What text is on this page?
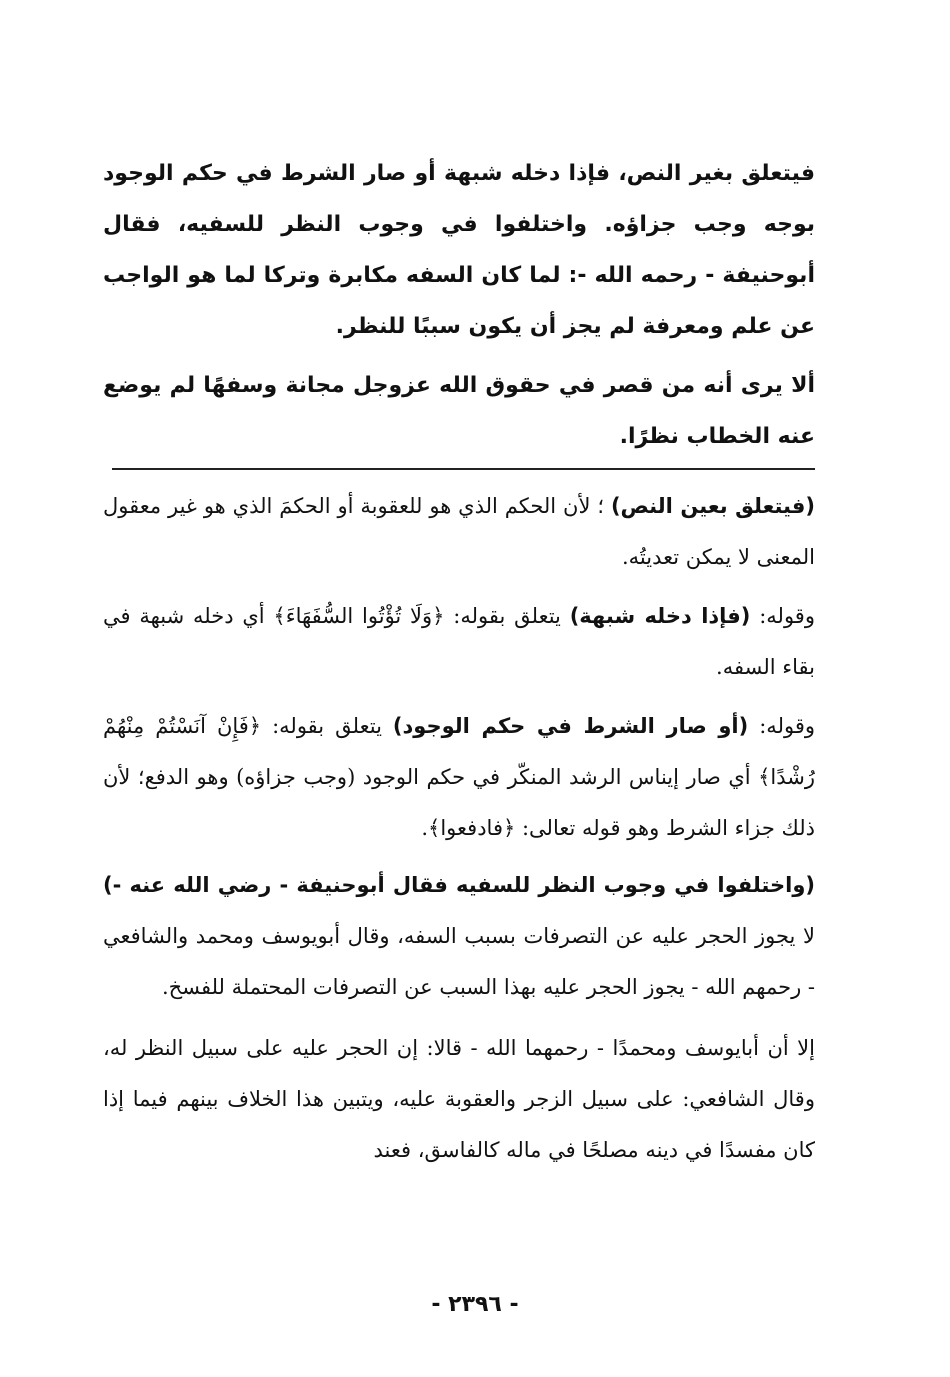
فيتعلق بغير النص، فإذا دخله شبهة أو صار الشرط في حكم الوجود بوجه وجب جزاؤه. واختلفوا في وجوب النظر للسفيه، فقال أبوحنيفة - رحمه الله -: لما كان السفه مكابرة وتركا لما هو الواجب عن علم ومعرفة لم يجز أن يكون سببًا للنظر.

ألا يرى أنه من قصر في حقوق الله عزوجل مجانة وسفهًا لم يوضع عنه الخطاب نظرًا.

(فيتعلق بعين النص) ؛ لأن الحكم الذي هو للعقوبة أو الحكمَ الذي هو غير معقول المعنى لا يمكن تعديتُه.

وقوله: (فإذا دخله شبهة) يتعلق بقوله: ﴿وَلَا تُؤْتُوا السُّفَهَاءَ﴾ أي دخله شبهة في بقاء السفه.

وقوله: (أو صار الشرط في حكم الوجود) يتعلق بقوله: ﴿فَإِنْ آنَسْتُمْ مِنْهُمْ رُشْدًا﴾ أي صار إيناس الرشد المنكّر في حكم الوجود (وجب جزاؤه) وهو الدفع؛ لأن ذلك جزاء الشرط وهو قوله تعالى: ﴿فادفعوا﴾.

(واختلفوا في وجوب النظر للسفيه فقال أبوحنيفة - رضي الله عنه -) لا يجوز الحجر عليه عن التصرفات بسبب السفه، وقال أبويوسف ومحمد والشافعي - رحمهم الله - يجوز الحجر عليه بهذا السبب عن التصرفات المحتملة للفسخ.

إلا أن أبايوسف ومحمدًا - رحمهما الله - قالا: إن الحجر عليه على سبيل النظر له، وقال الشافعي: على سبيل الزجر والعقوبة عليه، ويتبين هذا الخلاف بينهم فيما إذا كان مفسدًا في دينه مصلحًا في ماله كالفاسق، فعند

- ٢٣٩٦ -
